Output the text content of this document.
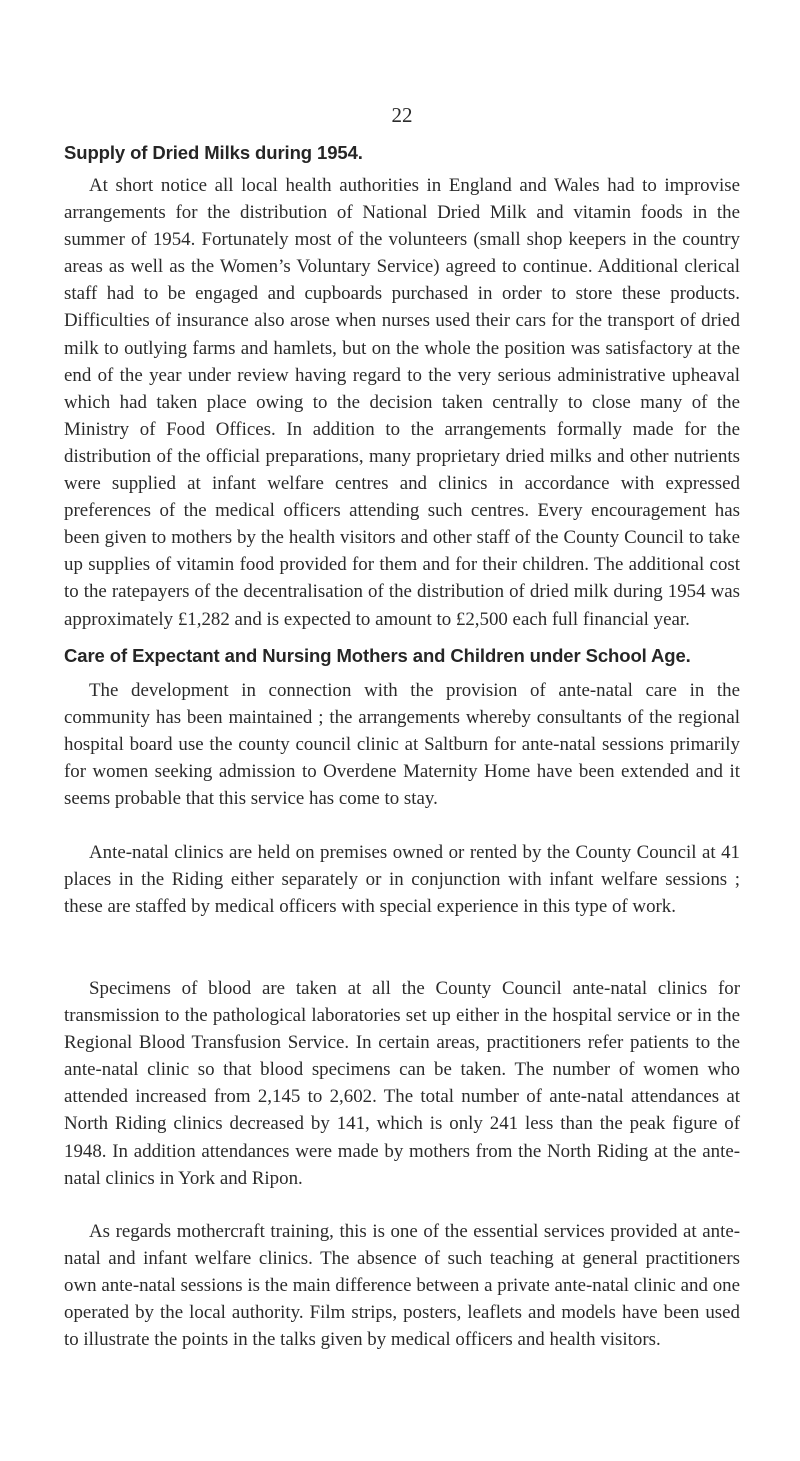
22
Supply of Dried Milks during 1954.

At short notice all local health authorities in England and Wales had to improvise arrangements for the distribution of National Dried Milk and vitamin foods in the summer of 1954. Fortunately most of the volunteers (small shop keepers in the country areas as well as the Women’s Voluntary Service) agreed to continue. Additional clerical staff had to be engaged and cupboards purchased in order to store these products. Difficulties of insurance also arose when nurses used their cars for the transport of dried milk to outlying farms and hamlets, but on the whole the position was satisfactory at the end of the year under review having regard to the very serious administrative upheaval which had taken place owing to the decision taken centrally to close many of the Ministry of Food Offices. In addition to the arrangements formally made for the distribution of the official preparations, many proprietary dried milks and other nutrients were supplied at infant welfare centres and clinics in accordance with expressed preferences of the medical officers attending such centres. Every encouragement has been given to mothers by the health visitors and other staff of the County Council to take up supplies of vitamin food provided for them and for their children. The additional cost to the ratepayers of the decentralisation of the distribution of dried milk during 1954 was approximately £1,282 and is expected to amount to £2,500 each full financial year.

Care of Expectant and Nursing Mothers and Children under School Age.

The development in connection with the provision of ante-natal care in the community has been maintained ; the arrangements whereby consultants of the regional hospital board use the county council clinic at Saltburn for ante-natal sessions primarily for women seeking admission to Overdene Maternity Home have been extended and it seems probable that this service has come to stay.

Ante-natal clinics are held on premises owned or rented by the County Council at 41 places in the Riding either separately or in conjunction with infant welfare sessions ; these are staffed by medical officers with special experience in this type of work.

Specimens of blood are taken at all the County Council ante-natal clinics for transmission to the pathological laboratories set up either in the hospital service or in the Regional Blood Transfusion Service. In certain areas, practitioners refer patients to the ante-natal clinic so that blood specimens can be taken. The number of women who attended increased from 2,145 to 2,602. The total number of ante-natal attendances at North Riding clinics decreased by 141, which is only 241 less than the peak figure of 1948. In addition attendances were made by mothers from the North Riding at the ante-natal clinics in York and Ripon.

As regards mothercraft training, this is one of the essential services provided at ante-natal and infant welfare clinics. The absence of such teaching at general practitioners own ante-natal sessions is the main difference between a private ante-natal clinic and one operated by the local authority. Film strips, posters, leaflets and models have been used to illustrate the points in the talks given by medical officers and health visitors.
